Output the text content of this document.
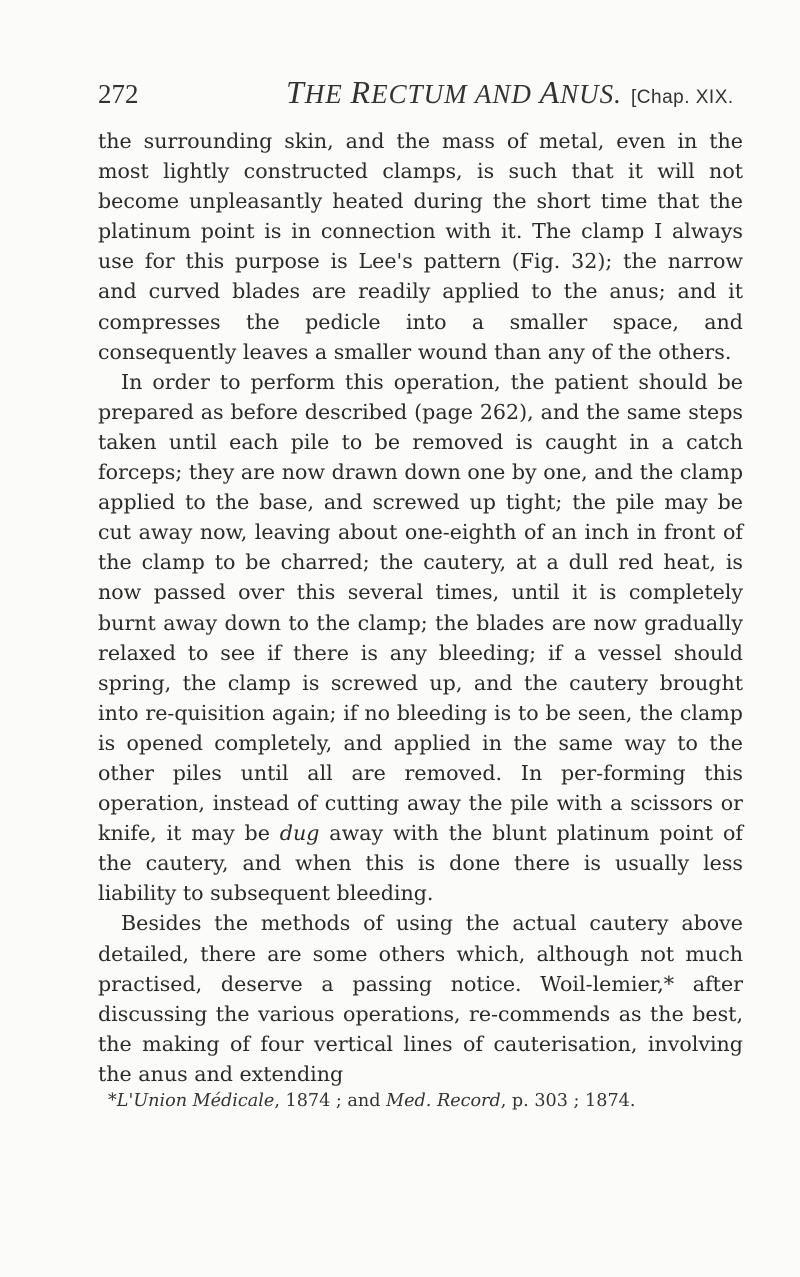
272	THE RECTUM AND ANUS. [Chap. XIX.

the surrounding skin, and the mass of metal, even in the most lightly constructed clamps, is such that it will not become unpleasantly heated during the short time that the platinum point is in connection with it. The clamp I always use for this purpose is Lee's pattern (Fig. 32); the narrow and curved blades are readily applied to the anus; and it compresses the pedicle into a smaller space, and consequently leaves a smaller wound than any of the others.

In order to perform this operation, the patient should be prepared as before described (page 262), and the same steps taken until each pile to be removed is caught in a catch forceps; they are now drawn down one by one, and the clamp applied to the base, and screwed up tight; the pile may be cut away now, leaving about one-eighth of an inch in front of the clamp to be charred; the cautery, at a dull red heat, is now passed over this several times, until it is completely burnt away down to the clamp; the blades are now gradually relaxed to see if there is any bleeding; if a vessel should spring, the clamp is screwed up, and the cautery brought into re-quisition again; if no bleeding is to be seen, the clamp is opened completely, and applied in the same way to the other piles until all are removed. In per-forming this operation, instead of cutting away the pile with a scissors or knife, it may be dug away with the blunt platinum point of the cautery, and when this is done there is usually less liability to subsequent bleeding.

Besides the methods of using the actual cautery above detailed, there are some others which, although not much practised, deserve a passing notice. Woil-lemier,* after discussing the various operations, re-commends as the best, the making of four vertical lines of cauterisation, involving the anus and extending

*L'Union Médicale, 1874 ; and Med. Record, p. 303 ; 1874.
